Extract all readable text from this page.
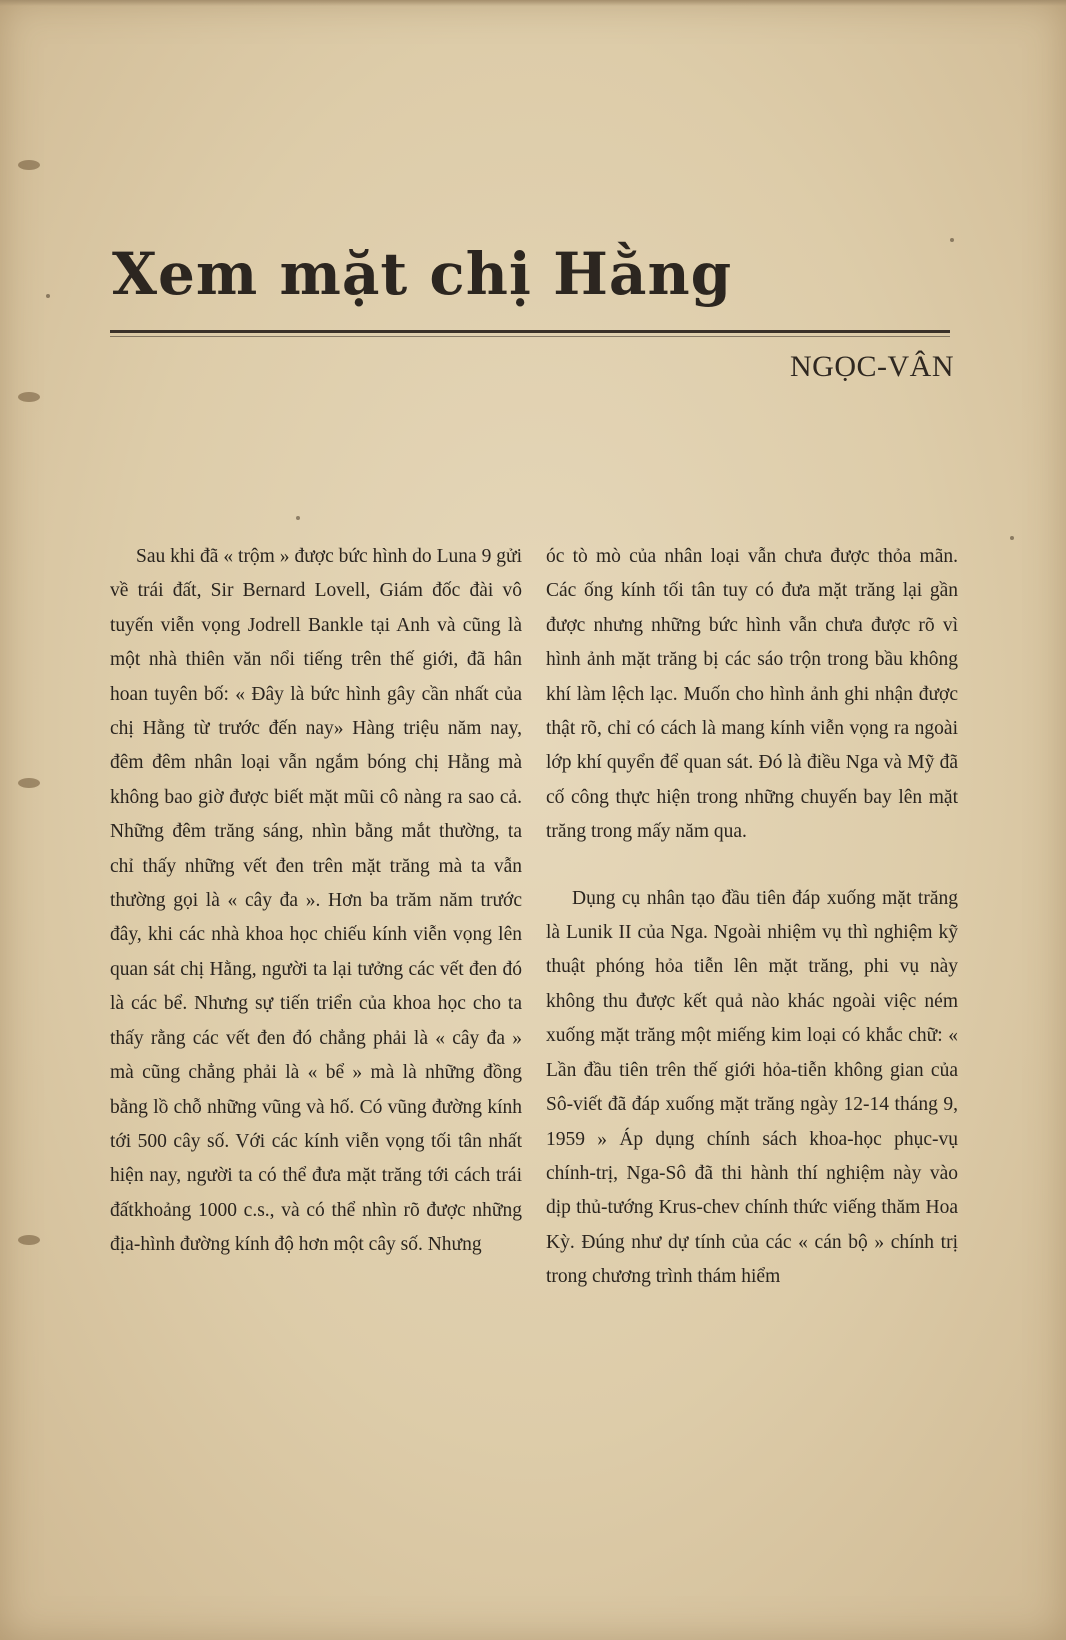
Xem mặt chị Hằng
NGỌC-VÂN

Sau khi đã « trộm » được bức hình do Luna 9 gửi về trái đất, Sir Bernard Lovell, Giám đốc đài vô tuyến viễn vọng Jodrell Bankle tại Anh và cũng là một nhà thiên văn nổi tiếng trên thế giới, đã hân hoan tuyên bố: « Đây là bức hình gây cần nhất của chị Hằng từ trước đến nay» Hàng triệu năm nay, đêm đêm nhân loại vẫn ngắm bóng chị Hằng mà không bao giờ được biết mặt mũi cô nàng ra sao cả. Những đêm trăng sáng, nhìn bằng mắt thường, ta chỉ thấy những vết đen trên mặt trăng mà ta vẫn thường gọi là « cây đa ». Hơn ba trăm năm trước đây, khi các nhà khoa học chiếu kính viễn vọng lên quan sát chị Hằng, người ta lại tưởng các vết đen đó là các bể. Nhưng sự tiến triển của khoa học cho ta thấy rằng các vết đen đó chẳng phải là « cây đa » mà cũng chẳng phải là « bể » mà là những đồng bằng lồ chỗ những vũng và hố. Có vũng đường kính tới 500 cây số. Với các kính viễn vọng tối tân nhất hiện nay, người ta có thể đưa mặt trăng tới cách trái đấtkhoảng 1000 c.s., và có thể nhìn rõ được những địa-hình đường kính độ hơn một cây số. Nhưng

óc tò mò của nhân loại vẫn chưa được thỏa mãn. Các ống kính tối tân tuy có đưa mặt trăng lại gần được nhưng những bức hình vẫn chưa được rõ vì hình ảnh mặt trăng bị các sáo trộn trong bầu không khí làm lệch lạc. Muốn cho hình ảnh ghi nhận được thật rõ, chỉ có cách là mang kính viễn vọng ra ngoài lớp khí quyển để quan sát. Đó là điều Nga và Mỹ đã cố công thực hiện trong những chuyến bay lên mặt trăng trong mấy năm qua.

Dụng cụ nhân tạo đầu tiên đáp xuống mặt trăng là Lunik II của Nga. Ngoài nhiệm vụ thì nghiệm kỹ thuật phóng hỏa tiễn lên mặt trăng, phi vụ này không thu được kết quả nào khác ngoài việc ném xuống mặt trăng một miếng kim loại có khắc chữ: « Lần đầu tiên trên thế giới hỏa-tiễn không gian của Sô-viết đã đáp xuống mặt trăng ngày 12-14 tháng 9, 1959 » Áp dụng chính sách khoa-học phục-vụ chính-trị, Nga-Sô đã thi hành thí nghiệm này vào dịp thủ-tướng Krus-chev chính thức viếng thăm Hoa Kỳ. Đúng như dự tính của các « cán bộ » chính trị trong chương trình thám hiểm
